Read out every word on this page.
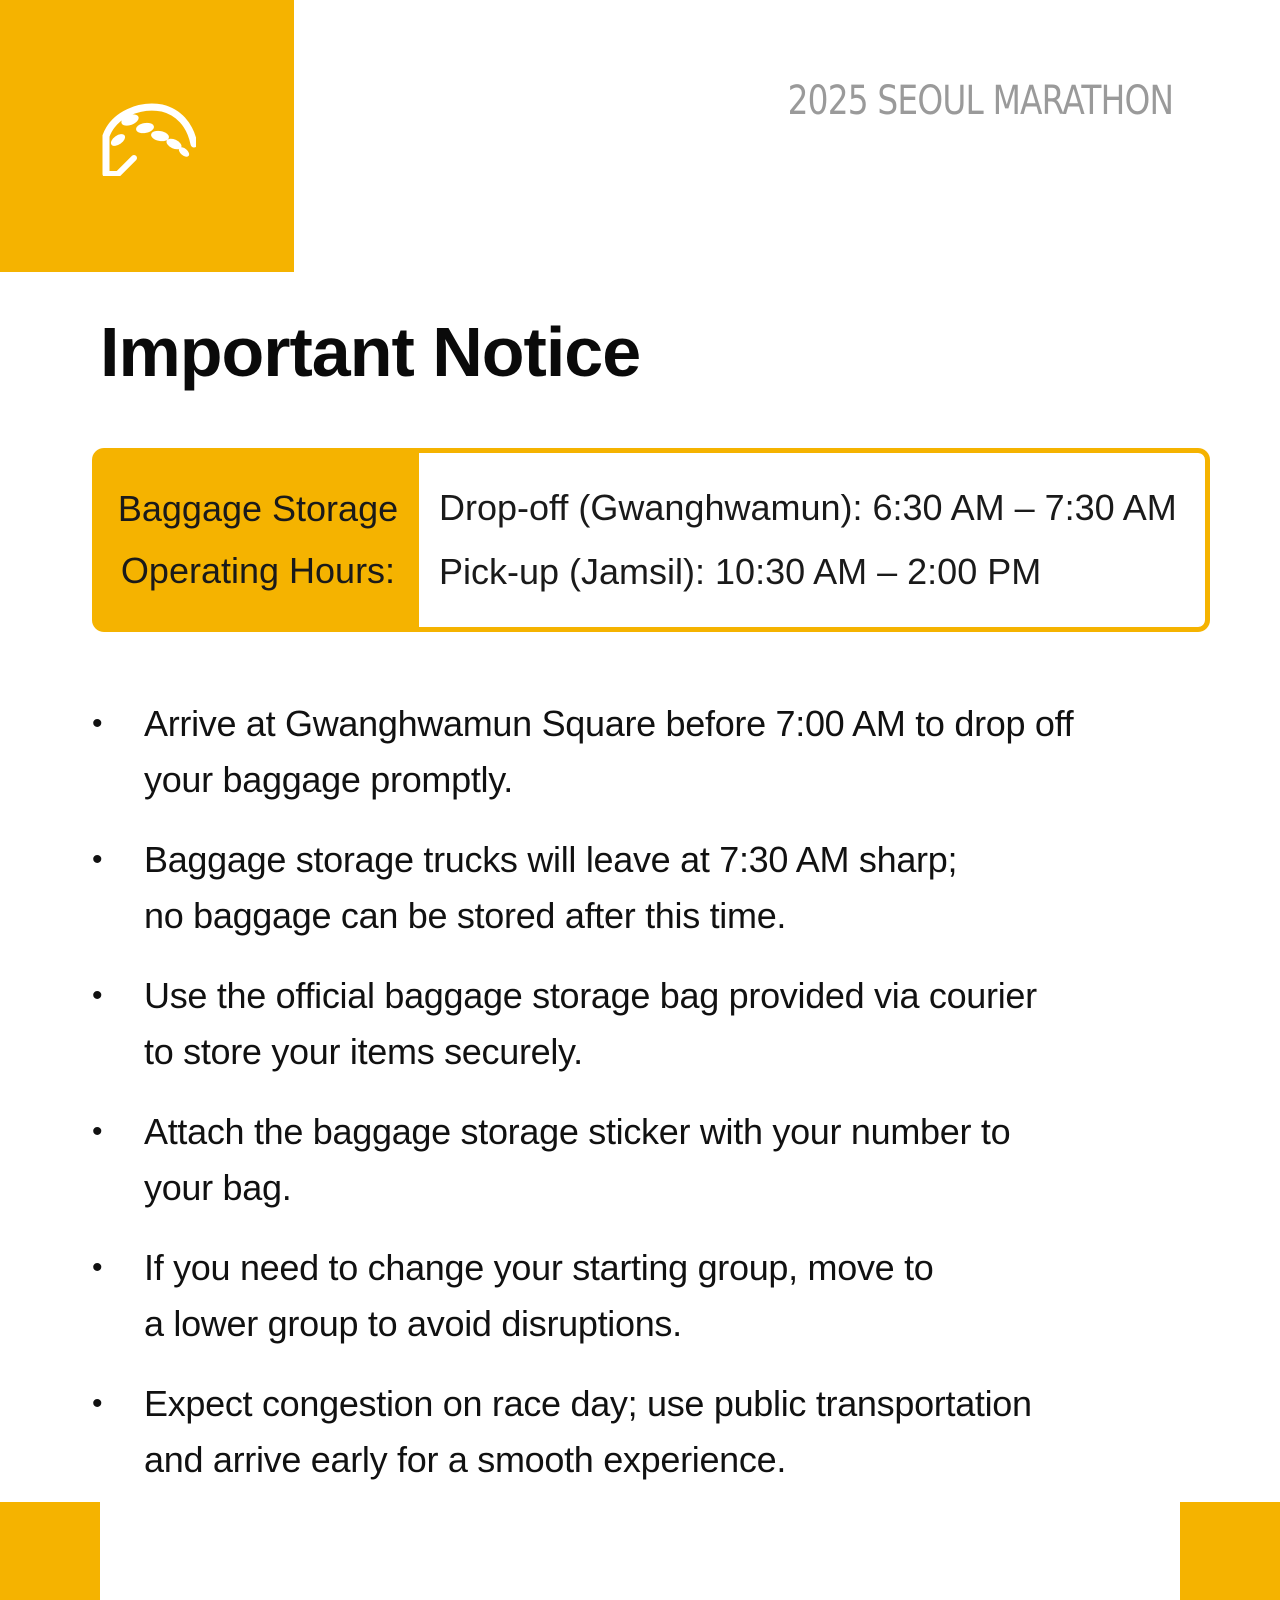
2025 SEOUL MARATHON
Important Notice
Baggage Storage
Operating Hours:
Drop-off (Gwanghwamun): 6:30 AM – 7:30 AM
Pick-up (Jamsil): 10:30 AM – 2:00 PM
•	Arrive at Gwanghwamun Square before 7:00 AM to drop off
your baggage promptly.
•	Baggage storage trucks will leave at 7:30 AM sharp;
no baggage can be stored after this time.
•	Use the official baggage storage bag provided via courier
to store your items securely.
•	Attach the baggage storage sticker with your number to
your bag.
•	If you need to change your starting group, move to
a lower group to avoid disruptions.
•	Expect congestion on race day; use public transportation
and arrive early for a smooth experience.
